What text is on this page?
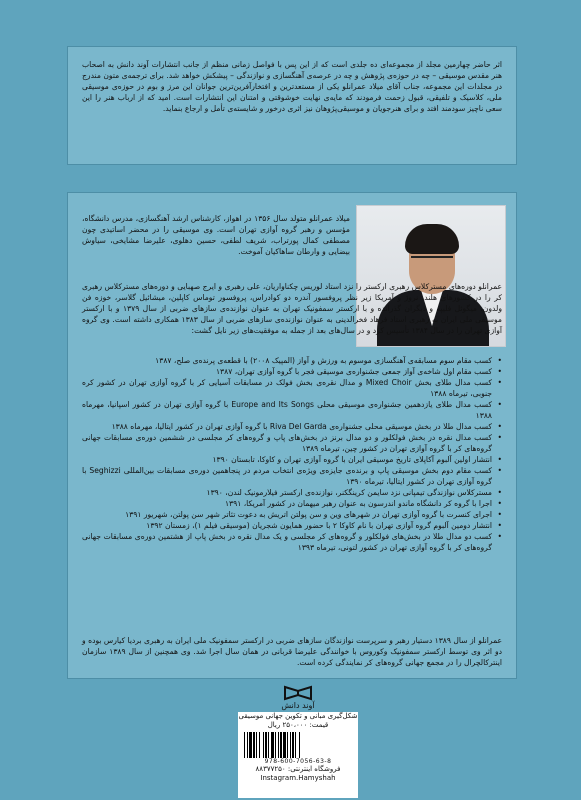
اثر حاضر چهارمین مجلد از مجموعه‌ای ده جلدی است که از این پس با فواصل زمانی منظم از جانب انتشارات آوند دانش به اصحاب هنر مقدس موسیقی – چه در حوزه‌ی پژوهش و چه در عرصه‌ی آهنگسازی و نوازندگی – پیشکش خواهد شد. برای ترجمه‌ی متون مندرج در مجلدات این مجموعه، جناب آقای میلاد عمرانلو یکی از مستعدترین و افتخارآفرین‌ترین جوانان این مرز و بوم در حوزه‌ی موسیقی ملی، کلاسیک و تلفیقی، قبول زحمت فرمودند که مایه‌ی نهایت خوشوقتی و امتنان این انتشارات است. امید که از ارباب هنر را این سعی ناچیز سودمند افتد و برای هنرجویان و موسیقی‌پژوهان نیز اثری درخور و شایسته‌ی تأمل و ارجاع بنماید.
میلاد عمرانلو متولد سال ۱۳۵۶ در اهواز، کارشناس ارشد آهنگسازی، مدرس دانشگاه، مؤسس و رهبر گروه آوازی تهران است. وی موسیقی را در محضر اساتیدی چون مصطفی کمال پورتراب، شریف لطفی، حسین دهلوی، علیرضا مشایخی، سیاوش بیضایی و وارطان ساهاکیان آموخت.
عمرانلو دوره‌های مسترکلاس رهبری ارکستر را نزد استاد لوریس چکناواریان، علی رهبری و ایرج صهبایی و دوره‌های مسترکلاس رهبری کر را در کشورهای هلند، نروژ و آمریکا زیر نظر پروفسور آندره دو کوادراس، پروفسور توماس کاپلین، میشائیل گلاسر، خوزه فن ولدون، میگوئل فلیپه و دیگران گذرانده و با ارکستر سمفونیک تهران به عنوان نوازنده‌ی سازهای ضربی از سال ۱۳۷۹ و با ارکستر موسیقی ملی ایران به رهبری استاد فرهاد فخرالدینی به عنوان نوازنده‌ی سازهای ضربی از سال ۱۳۸۳ همکاری داشته است. وی گروه آوازی تهران را در سال ۱۳۸۴ تأسیس کرد و در سال‌های بعد از جمله به موفقیت‌های زیر نایل گشت:
• کسب مقام سوم مسابقه‌ی آهنگسازی موسوم به ورزش و آواز (المپیک ۲۰۰۸) با قطعه‌ی پرنده‌ی صلح، ۱۳۸۷
• کسب مقام اول شاخه‌ی آواز جمعی جشنواره‌ی موسیقی فجر با گروه آوازی تهران، ۱۳۸۷
• کسب مدال طلای بخش Mixed Choir و مدال نقره‌ی بخش فولک در مسابقات آسیایی کر با گروه آوازی تهران در کشور کره جنوبی، تیرماه ۱۳۸۸
• کسب مدال طلای یازدهمین جشنواره‌ی موسیقی محلی Europe and Its Songs با گروه آوازی تهران در کشور اسپانیا، مهرماه ۱۳۸۸
• کسب مدال طلا در بخش موسیقی محلی جشنواره‌ی Riva Del Garda با گروه آوازی تهران در کشور ایتالیا، مهرماه ۱۳۸۸
• کسب مدال نقره در بخش فولکلور و دو مدال برنز در بخش‌های پاپ و گروه‌های کر مجلسی در ششمین دوره‌ی مسابقات جهانی گروه‌های کر با گروه آوازی تهران در کشور چین، تیرماه ۱۳۸۹
• انتشار اولین آلبوم آکاپلای تاریخ موسیقی ایران با گروه آوازی تهران و کاوکا، تابستان ۱۳۹۰
• کسب مقام دوم بخش موسیقی پاپ و برنده‌ی جایزه‌ی ویژه‌ی انتخاب مردم در پنجاهمین دوره‌ی مسابقات بین‌المللی Seghizzi با گروه آوازی تهران در کشور ایتالیا، تیرماه ۱۳۹۰
• مسترکلاس نوازندگی تیمپانی نزد سایمن کرینگکنر، نوازنده‌ی ارکستر فیلارمونیک لندن، ۱۳۹۰
• اجرا با گروه کر دانشگاه ماندو اندرسون به عنوان رهبر میهمان در کشور آمریکا، ۱۳۹۱
• اجرای کنسرت با گروه آوازی تهران در شهرهای وین و سن پولتن اتریش به دعوت تئاتر شهر سن پولتن، شهریور ۱۳۹۱
• انتشار دومین آلبوم گروه آوازی تهران با نام کاوکا ۲ با حضور همایون شجریان (موسیقی فیلم ۱)، زمستان ۱۳۹۲
• کسب دو مدال طلا در بخش‌های فولکلور و گروه‌های کر مجلسی و یک مدال نقره در بخش پاپ از هشتمین دوره‌ی مسابقات جهانی گروه‌های کر با گروه آوازی تهران در کشور لتونی، تیرماه ۱۳۹۳
عمرانلو از سال ۱۳۸۹ دستیار رهبر و سرپرست نوازندگان سازهای ضربی در ارکستر سمفونیک ملی ایران به رهبری بردیا کیارس بوده و دو اثر وی توسط ارکستر سمفونیک وکوروس با خوانندگی علیرضا قربانی در همان سال اجرا شد. وی همچنین از سال ۱۳۸۹ سازمان اینترکالچرال را در مجمع جهانی گروه‌های کر نمایندگی کرده است.
آوند دانش
شکل‌گیری مبانی و تکوین جهانی موسیقی
قیمت: ۲۵۰،۰۰۰ ریال
978-600-7056-63-8
فروشگاه اینترنتی: ۸۸۳۷۷۲۵۰
Instagram.Hamyshah
